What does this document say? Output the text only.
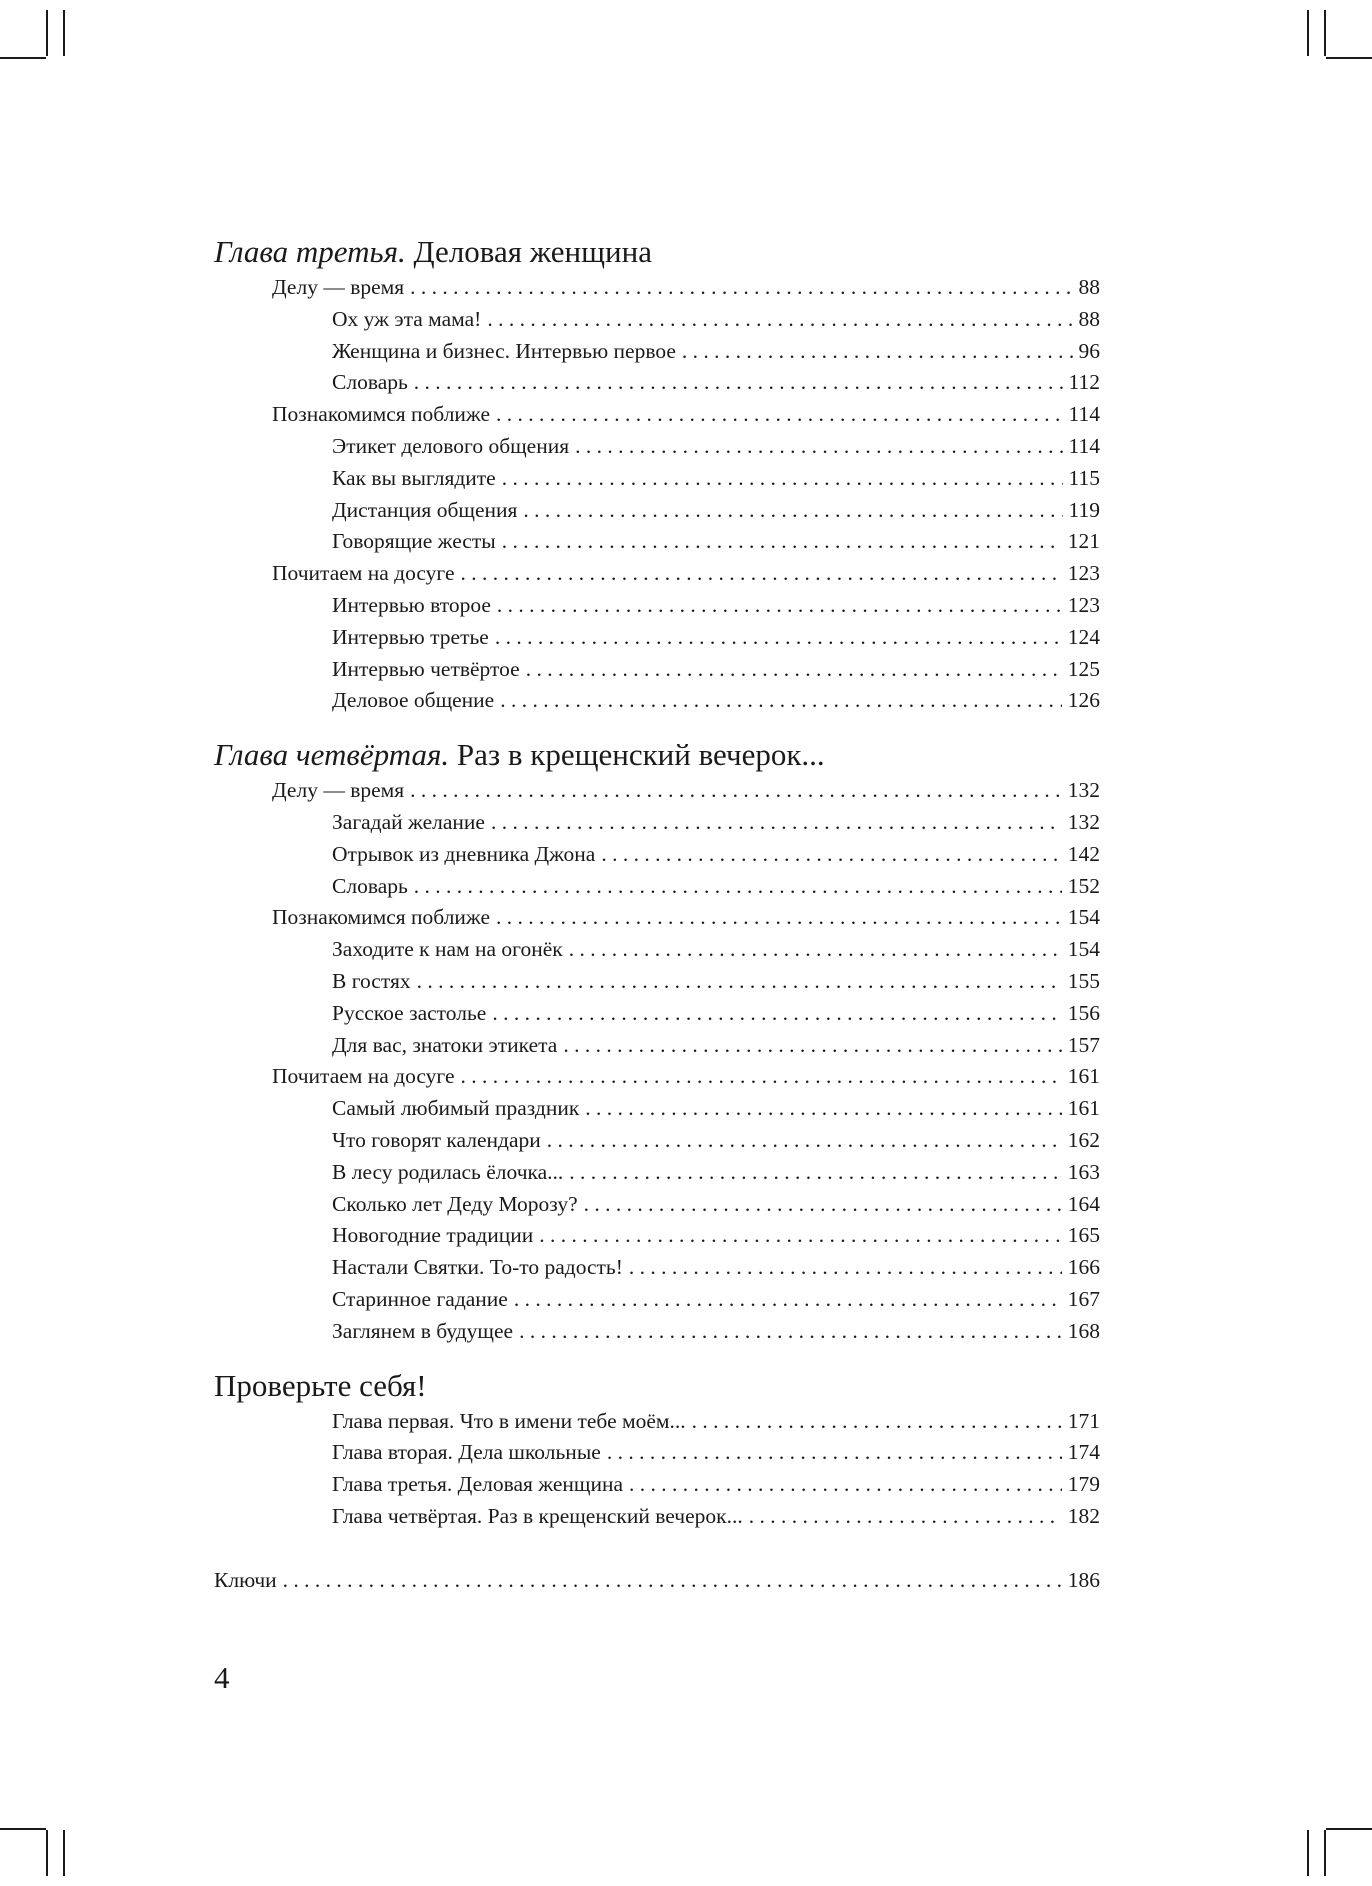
Глава третья. Деловая женщина
Делу — время . . .	88
Ох уж эта мама! . . .	88
Женщина и бизнес. Интервью первое . . .	96
Словарь . . .	112
Познакомимся поближе . . .	114
Этикет делового общения . . .	114
Как вы выглядите . . .	115
Дистанция общения . . .	119
Говорящие жесты . . .	121
Почитаем на досуге . . .	123
Интервью второе . . .	123
Интервью третье . . .	124
Интервью четвёртое . . .	125
Деловое общение . . .	126
Глава четвёртая. Раз в крещенский вечерок...
Делу — время . . .	132
Загадай желание . . .	132
Отрывок из дневника Джона . . .	142
Словарь . . .	152
Познакомимся поближе . . .	154
Заходите к нам на огонёк . . .	154
В гостях . . .	155
Русское застолье . . .	156
Для вас, знатоки этикета . . .	157
Почитаем на досуге . . .	161
Самый любимый праздник . . .	161
Что говорят календари . . .	162
В лесу родилась ёлочка... . . .	163
Сколько лет Деду Морозу? . . .	164
Новогодние традиции . . .	165
Настали Святки. То-то радость! . . .	166
Старинное гадание . . .	167
Заглянем в будущее . . .	168
Проверьте себя!
Глава первая. Что в имени тебе моём... . . .	171
Глава вторая. Дела школьные . . .	174
Глава третья. Деловая женщина . . .	179
Глава четвёртая. Раз в крещенский вечерок... . . .	182
Ключи . . .	186
4
